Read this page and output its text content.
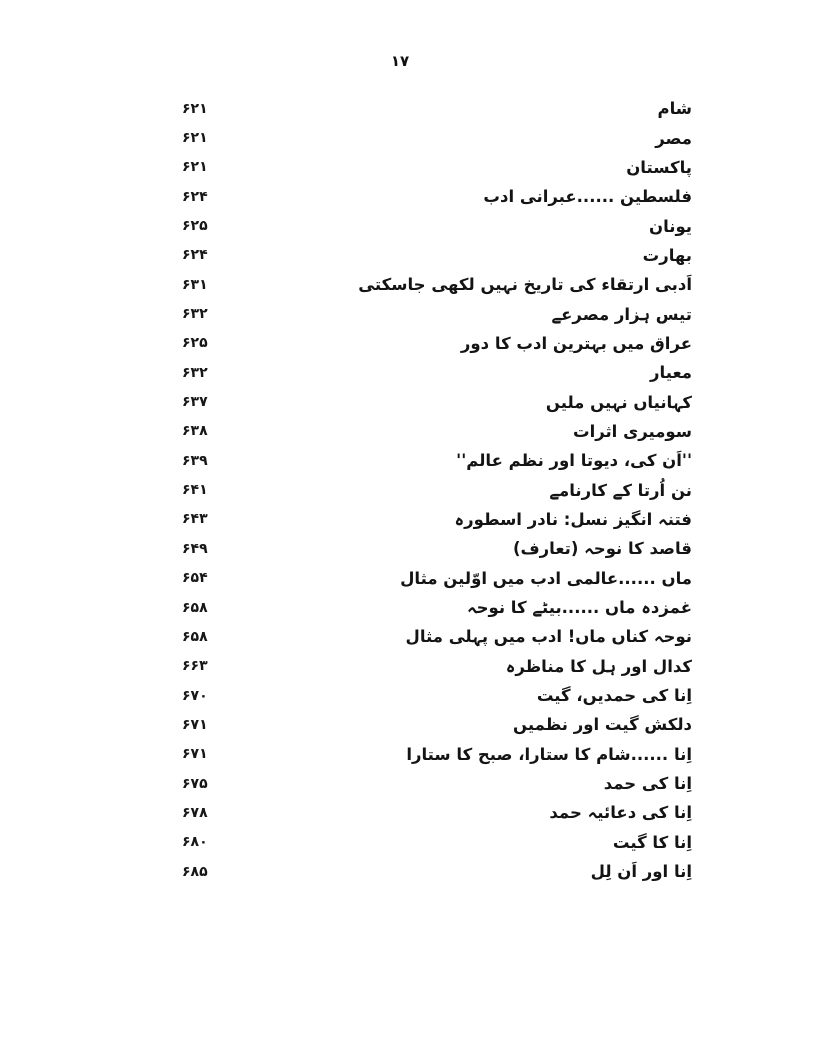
۱۷
۶۲۱	شام
۶۲۱	مصر
۶۲۱	پاکستان
۶۲۴	فلسطین ......عبرانی ادب
۶۲۵	یونان
۶۲۴	بھارت
۶۳۱	اَدبی ارتقاء کی تاریخ نہیں لکھی جاسکتی
۶۳۲	تیس ہزار مصرعے
۶۲۵	عراق میں بہترین ادب کا دور
۶۳۲	معیار
۶۳۷	کہانیاں نہیں ملیں
۶۳۸	سومیری اثرات
۶۳۹	''اَن کی، دیوتا اور نظم عالم''
۶۴۱	نن اُرتا کے کارنامے
۶۴۳	فتنہ انگیز نسل: نادر اسطورہ
۶۴۹	قاصد کا نوحہ (تعارف)
۶۵۴	ماں ......عالمی ادب میں اوّلین مثال
۶۵۸	غمزدہ ماں ......بیٹے کا نوحہ
۶۵۸	نوحہ کناں ماں! ادب میں پہلی مثال
۶۶۳	کدال اور ہل کا مناظرہ
۶۷۰	اِنا کی حمدیں، گیت
۶۷۱	دلکش گیت اور نظمیں
۶۷۱	اِنا ......شام کا ستارا، صبح کا ستارا
۶۷۵	اِنا کی حمد
۶۷۸	اِنا کی دعائیہ حمد
۶۸۰	اِنا کا گیت
۶۸۵	اِنا اور اَن لِل
